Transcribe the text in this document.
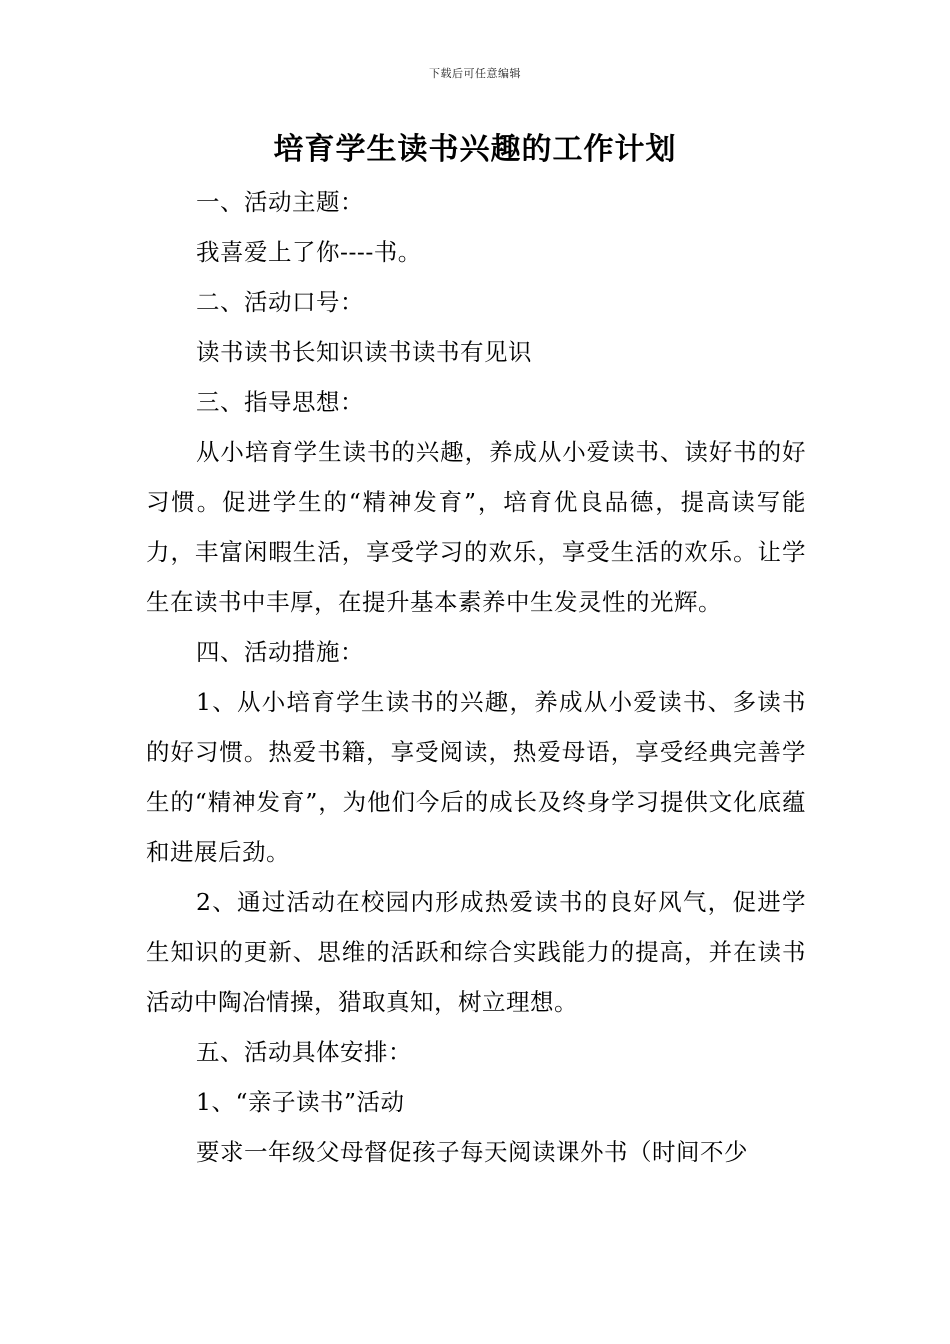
下载后可任意编辑
培育学生读书兴趣的工作计划

一、活动主题：

我喜爱上了你----书。

二、活动口号：

读书读书长知识读书读书有见识

三、指导思想：

从小培育学生读书的兴趣，养成从小爱读书、读好书的好习惯。促进学生的“精神发育”，培育优良品德，提高读写能力，丰富闲暇生活，享受学习的欢乐，享受生活的欢乐。让学生在读书中丰厚，在提升基本素养中生发灵性的光辉。

四、活动措施：

1、从小培育学生读书的兴趣，养成从小爱读书、多读书的好习惯。热爱书籍，享受阅读，热爱母语，享受经典完善学生的“精神发育”，为他们今后的成长及终身学习提供文化底蕴和进展后劲。

2、通过活动在校园内形成热爱读书的良好风气，促进学生知识的更新、思维的活跃和综合实践能力的提高，并在读书活动中陶冶情操，猎取真知，树立理想。

五、活动具体安排：

1、“亲子读书”活动

要求一年级父母督促孩子每天阅读课外书（时间不少
